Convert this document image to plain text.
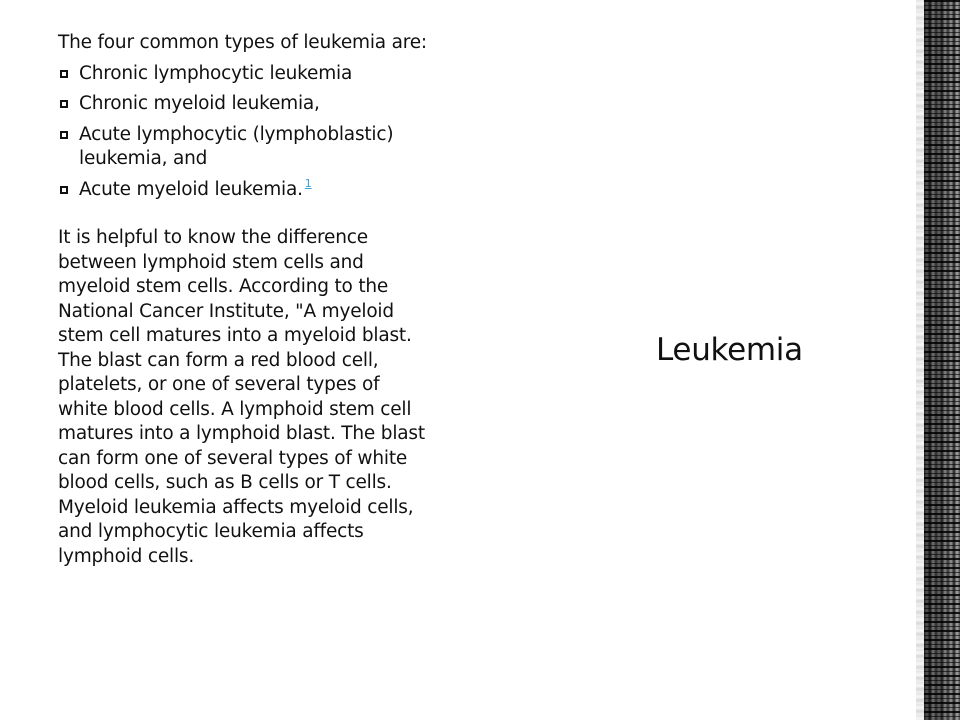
The four common types of leukemia are:

Chronic lymphocytic leukemia
Chronic myeloid leukemia,
Acute lymphocytic (lymphoblastic) leukemia, and
Acute myeloid leukemia. $^1$

It is helpful to know the difference between lymphoid stem cells and myeloid stem cells. According to the National Cancer Institute, "A myeloid stem cell matures into a myeloid blast. The blast can form a red blood cell, platelets, or one of several types of white blood cells. A lymphoid stem cell matures into a lymphoid blast. The blast can form one of several types of white blood cells, such as B cells or T cells. Myeloid leukemia affects myeloid cells, and lymphocytic leukemia affects lymphoid cells.

Leukemia
